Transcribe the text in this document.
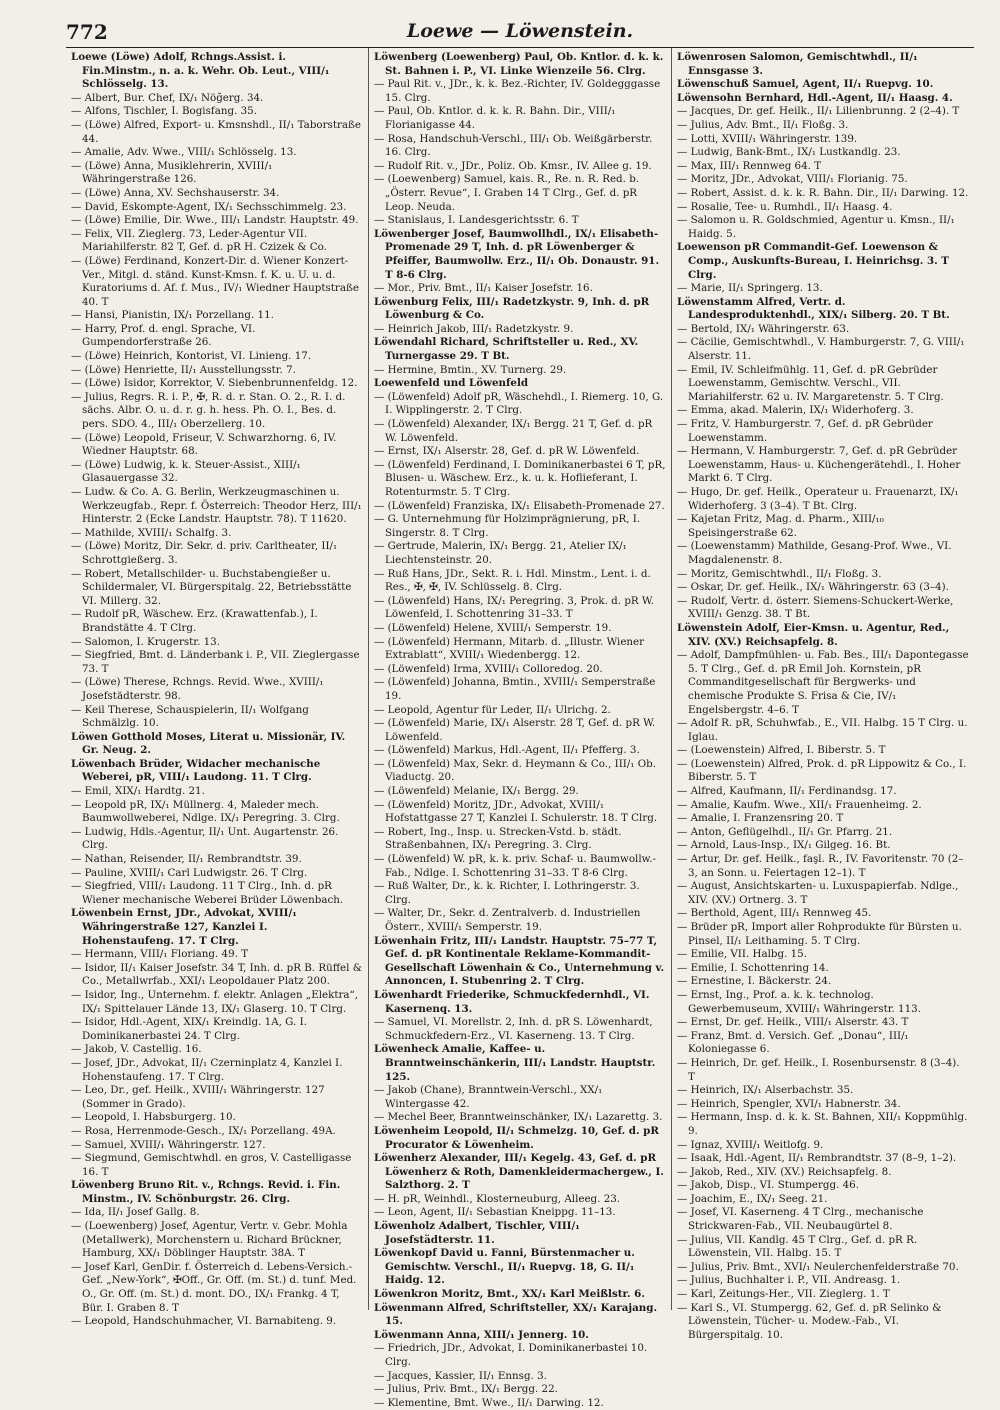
772	Loewe — Löwenstein.

Loewe (Löwe) Adolf, Rchngs.Assist. i. Fin.Minstm., n. a. k. Wehr. Ob. Leut., VIII/₁ Schlösselg. 13.

— Albert, Bur. Chef, IX/₁ Nöğerg. 34.

— Alfons, Tischler, I. Bogisfang. 35.

— (Löwe) Alfred, Export- u. Kmsnshdl., II/₁ Taborstraße 44.

— Amalie, Adv. Wwe., VIII/₁ Schlösselg. 13.

— (Löwe) Anna, Musiklehrerin, XVIII/₁ Währingerstraße 126.

— (Löwe) Anna, XV. Sechshauserstr. 34.

— David, Eskompte-Agent, IX/₁ Sechsschimmelg. 23.

— (Löwe) Emilie, Dir. Wwe., III/₁ Landstr. Hauptstr. 49.

— Felix, VII. Zieglerg. 73, Leder-Agentur VII. Mariahilferstr. 82 T, Gef. d. pR H. Czizek & Co.

— (Löwe) Ferdinand, Konzert-Dir. d. Wiener Konzert-Ver., Mitgl. d. ständ. Kunst-Kmsn. f. K. u. U. u. d. Kuratoriums d. Af. f. Mus., IV/₁ Wiedner Hauptstraße 40. T

— Hansi, Pianistin, IX/₁ Porzellang. 11.

— Harry, Prof. d. engl. Sprache, VI. Gumpendorferstraße 26.

— (Löwe) Heinrich, Kontorist, VI. Linieng. 17.

— (Löwe) Henriette, II/₁ Ausstellungsstr. 7.

— (Löwe) Isidor, Korrektor, V. Siebenbrunnenfeldg. 12.

— Julius, Regrs. R. i. P., ✠, R. d. r. Stan. O. 2., R. I. d. sächs. Albr. O. u. d. r. g. h. hess. Ph. O. I., Bes. d. pers. SDO. 4., III/₁ Oberzellerg. 10.

— (Löwe) Leopold, Friseur, V. Schwarzhorng. 6, IV. Wiedner Hauptstr. 68.

— (Löwe) Ludwig, k. k. Steuer-Assist., XIII/₁ Glasauergasse 32.

— Ludw. & Co. A. G. Berlin, Werkzeugmaschinen u. Werkzeugfab., Repr. f. Österreich: Theodor Herz, III/₁ Hinterstr. 2 (Ecke Landstr. Hauptstr. 78). T 11620.

— Mathilde, XVIII/₁ Schalfg. 3.

— (Löwe) Moritz, Dir. Sekr. d. priv. Carltheater, II/₁ Schrottgießerg. 3.

— Robert, Metallschilder- u. Buchstabengießer u. Schildermaler, VI. Bürgerspitalg. 22, Betriebsstätte VI. Millerg. 32.

— Rudolf pR, Wäschew. Erz. (Krawattenfab.), I. Brandstätte 4. T Clrg.

— Salomon, I. Krugerstr. 13.

— Siegfried, Bmt. d. Länderbank i. P., VII. Zieglergasse 73. T

— (Löwe) Therese, Rchngs. Revid. Wwe., XVIII/₁ Josefstädterstr. 98.

— Keil Therese, Schauspielerin, II/₁ Wolfgang Schmälzlg. 10.

Löwen Gotthold Moses, Literat u. Missionär, IV. Gr. Neug. 2.

Löwenbach Brüder, Widacher mechanische Weberei, pR, VIII/₁ Laudong. 11. T Clrg.

— Emil, XIX/₁ Hardtg. 21.

— Leopold pR, IX/₁ Müllnerg. 4, Maleder mech. Baumwollweberei, Ndlge. IX/₁ Peregring. 3. Clrg.

— Ludwig, Hdls.-Agentur, II/₁ Unt. Augartenstr. 26. Clrg.

— Nathan, Reisender, II/₁ Rembrandtstr. 39.

— Pauline, XVIII/₁ Carl Ludwigstr. 26. T Clrg.

— Siegfried, VIII/₁ Laudong. 11 T Clrg., Inh. d. pR Wiener mechanische Weberei Brüder Löwenbach.

Löwenbein Ernst, JDr., Advokat, XVIII/₁ Währingerstraße 127, Kanzlei I. Hohenstaufeng. 17. T Clrg.

— Hermann, VIII/₁ Floriang. 49. T

— Isidor, II/₁ Kaiser Josefstr. 34 T, Inh. d. pR B. Rüffel & Co., Metallwrfab., XXI/₁ Leopoldauer Platz 200.

— Isidor, Ing., Unternehm. f. elektr. Anlagen „Elektra“, IX/₁ Spittelauer Lände 13, IX/₁ Glaserg. 10. T Clrg.

— Isidor, Hdl.-Agent, XIX/₁ Kreindlg. 1A, G. I. Dominikanerbastei 24. T Clrg.

— Jakob, V. Castellig. 16.

— Josef, JDr., Advokat, II/₁ Czerninplatz 4, Kanzlei I. Hohenstaufeng. 17. T Clrg.

— Leo, Dr., gef. Heilk., XVIII/₁ Währingerstr. 127 (Sommer in Grado).

— Leopold, I. Habsburgerg. 10.

— Rosa, Herrenmode-Gesch., IX/₁ Porzellang. 49A.

— Samuel, XVIII/₁ Währingerstr. 127.

— Siegmund, Gemischtwhdl. en gros, V. Castelligasse 16. T

Löwenberg Bruno Rit. v., Rchngs. Revid. i. Fin. Minstm., IV. Schönburgstr. 26. Clrg.

— Ida, II/₁ Josef Gallg. 8.

— (Loewenberg) Josef, Agentur, Vertr. v. Gebr. Mohla (Metallwerk), Morchenstern u. Richard Brückner, Hamburg, XX/₁ Döblinger Hauptstr. 38A. T

— Josef Karl, GenDir. f. Österreich d. Lebens-Versich.-Gef. „New-York“, ✠Off., Gr. Off. (m. St.) d. tunf. Med. O., Gr. Off. (m. St.) d. mont. DO., IX/₁ Frankg. 4 T, Bür. I. Graben 8. T

— Leopold, Handschuhmacher, VI. Barnabiteng. 9.

Löwenberg (Loewenberg) Paul, Ob. Kntlor. d. k. k. St. Bahnen i. P., VI. Linke Wienzeile 56. Clrg.

— Paul Rit. v., JDr., k. k. Bez.-Richter, IV. Goldegggasse 15. Clrg.

— Paul, Ob. Kntlor. d. k. k. R. Bahn. Dir., VIII/₁ Florianigasse 44.

— Rosa, Handschuh-Verschl., III/₁ Ob. Weißgärberstr. 16. Clrg.

— Rudolf Rit. v., JDr., Poliz. Ob. Kmsr., IV. Allee g. 19.

— (Loewenberg) Samuel, kais. R., Re. n. R. Red. b. „Österr. Revue“, I. Graben 14 T Clrg., Gef. d. pR Leop. Neuda.

— Stanislaus, I. Landesgerichtsstr. 6. T

Löwenberger Josef, Baumwollhdl., IX/₁ Elisabeth-Promenade 29 T, Inh. d. pR Löwenberger & Pfeiffer, Baumwollw. Erz., II/₁ Ob. Donaustr. 91. T 8-6 Clrg.

— Mor., Priv. Bmt., II/₁ Kaiser Josefstr. 16.

Löwenburg Felix, III/₁ Radetzkystr. 9, Inh. d. pR Löwenburg & Co.

— Heinrich Jakob, III/₁ Radetzkystr. 9.

Löwendahl Richard, Schriftsteller u. Red., XV. Turnergasse 29. T Bt.

— Hermine, Bmtin., XV. Turnerg. 29.

Loewenfeld und Löwenfeld

— (Löwenfeld) Adolf pR, Wäschehdl., I. Riemerg. 10, G. I. Wipplingerstr. 2. T Clrg.

— (Löwenfeld) Alexander, IX/₁ Bergg. 21 T, Gef. d. pR W. Löwenfeld.

— Ernst, IX/₁ Alserstr. 28, Gef. d. pR W. Löwenfeld.

— (Löwenfeld) Ferdinand, I. Dominikanerbastei 6 T, pR, Blusen- u. Wäschew. Erz., k. u. k. Hoflieferant, I. Rotenturmstr. 5. T Clrg.

— (Löwenfeld) Franziska, IX/₁ Elisabeth-Promenade 27.

— G. Unternehmung für Holzimprägnierung, pR, I. Singerstr. 8. T Clrg.

— Gertrude, Malerin, IX/₁ Bergg. 21, Atelier IX/₁ Liechtensteinstr. 20.

— Ruß Hans, JDr., Sekt. R. i. Hdl. Minstm., Lent. i. d. Res., ✠, ✠, IV. Schlüsselg. 8. Clrg.

— (Löwenfeld) Hans, IX/₁ Peregring. 3, Prok. d. pR W. Löwenfeld, I. Schottenring 31–33. T

— (Löwenfeld) Helene, XVIII/₁ Semperstr. 19.

— (Löwenfeld) Hermann, Mitarb. d. „Illustr. Wiener Extrablatt“, XVIII/₁ Wiedenbergg. 12.

— (Löwenfeld) Irma, XVIII/₁ Colloredog. 20.

— (Löwenfeld) Johanna, Bmtin., XVIII/₁ Semperstraße 19.

— Leopold, Agentur für Leder, II/₁ Ulrichg. 2.

— (Löwenfeld) Marie, IX/₁ Alserstr. 28 T, Gef. d. pR W. Löwenfeld.

— (Löwenfeld) Markus, Hdl.-Agent, II/₁ Pfefferg. 3.

— (Löwenfeld) Max, Sekr. d. Heymann & Co., III/₁ Ob. Viaductg. 20.

— (Löwenfeld) Melanie, IX/₁ Bergg. 29.

— (Löwenfeld) Moritz, JDr., Advokat, XVIII/₁ Hofstattgasse 27 T, Kanzlei I. Schulerstr. 18. T Clrg.

— Robert, Ing., Insp. u. Strecken-Vstd. b. städt. Straßenbahnen, IX/₁ Peregring. 3. Clrg.

— (Löwenfeld) W. pR, k. k. priv. Schaf- u. Baumwollw.-Fab., Ndlge. I. Schottenring 31–33. T 8-6 Clrg.

— Ruß Walter, Dr., k. k. Richter, I. Lothringerstr. 3. Clrg.

— Walter, Dr., Sekr. d. Zentralverb. d. Industriellen Österr., XVIII/₁ Semperstr. 19.

Löwenhain Fritz, III/₁ Landstr. Hauptstr. 75–77 T, Gef. d. pR Kontinentale Reklame-Kommandit-Gesellschaft Löwenhain & Co., Unternehmung v. Annoncen, I. Stubenring 2. T Clrg.

Löwenhardt Friederike, Schmuckfedernhdl., VI. Kasernenq. 13.

— Samuel, VI. Morellstr. 2, Inh. d. pR S. Löwenhardt, Schmuckfedern-Erz., VI. Kaserneng. 13. T Clrg.

Löwenheck Amalie, Kaffee- u. Branntweinschänkerin, III/₁ Landstr. Hauptstr. 125.

— Jakob (Chane), Branntwein-Verschl., XX/₁ Wintergasse 42.

— Mechel Beer, Branntweinschänker, IX/₁ Lazarettg. 3.

Löwenheim Leopold, II/₁ Schmelzg. 10, Gef. d. pR Procurator & Löwenheim.

Löwenherz Alexander, III/₁ Kegelg. 43, Gef. d. pR Löwenherz & Roth, Damenkleidermachergew., I. Salzthorg. 2. T

— H. pR, Weinhdl., Klosterneuburg, Alleeg. 23.

— Leon, Agent, II/₁ Sebastian Kneippg. 11–13.

Löwenholz Adalbert, Tischler, VIII/₁ Josefstädterstr. 11.

Löwenkopf David u. Fanni, Bürstenmacher u. Gemischtw. Verschl., II/₁ Ruepvg. 18, G. II/₁ Haidg. 12.

Löwenkron Moritz, Bmt., XX/₁ Karl Meißlstr. 6.

Löwenmann Alfred, Schriftsteller, XX/₁ Karajang. 15.

Löwenmann Anna, XIII/₁ Jennerg. 10.

— Friedrich, JDr., Advokat, I. Dominikanerbastei 10. Clrg.

— Jacques, Kassier, II/₁ Ennsg. 3.

— Julius, Priv. Bmt., IX/₁ Bergg. 22.

— Klementine, Bmt. Wwe., II/₁ Darwing. 12.

Löwenrosen Salomon, Gemischtwhdl., II/₁ Ennsgasse 3.

Löwenschuß Samuel, Agent, II/₁ Ruepvg. 10.

Löwensohn Bernhard, Hdl.-Agent, II/₁ Haasg. 4.

— Jacques, Dr. gef. Heilk., II/₁ Lilienbrunng. 2 (2–4). T

— Julius, Adv. Bmt., II/₁ Floßg. 3.

— Lotti, XVIII/₁ Währingerstr. 139.

— Ludwig, Bank-Bmt., IX/₁ Lustkandlg. 23.

— Max, III/₁ Rennweg 64. T

— Moritz, JDr., Advokat, VIII/₁ Florianig. 75.

— Robert, Assist. d. k. k. R. Bahn. Dir., II/₁ Darwing. 12.

— Rosalie, Tee- u. Rumhdl., II/₁ Haasg. 4.

— Salomon u. R. Goldschmied, Agentur u. Kmsn., II/₁ Haidg. 5.

Loewenson pR Commandit-Gef. Loewenson & Comp., Auskunfts-Bureau, I. Heinrichsg. 3. T Clrg.

— Marie, II/₁ Springerg. 13.

Löwenstamm Alfred, Vertr. d. Landesproduktenhdl., XIX/₁ Silberg. 20. T Bt.

— Bertold, IX/₁ Währingerstr. 63.

— Cäcilie, Gemischtwhdl., V. Hamburgerstr. 7, G. VIII/₁ Alserstr. 11.

— Emil, IV. Schleifmühlg. 11, Gef. d. pR Gebrüder Loewenstamm, Gemischtw. Verschl., VII. Mariahilferstr. 62 u. IV. Margaretenstr. 5. T Clrg.

— Emma, akad. Malerin, IX/₁ Widerhoferg. 3.

— Fritz, V. Hamburgerstr. 7, Gef. d. pR Gebrüder Loewenstamm.

— Hermann, V. Hamburgerstr. 7, Gef. d. pR Gebrüder Loewenstamm, Haus- u. Küchengerätehdl., I. Hoher Markt 6. T Clrg.

— Hugo, Dr. gef. Heilk., Operateur u. Frauenarzt, IX/₁ Widerhoferg. 3 (3–4). T Bt. Clrg.

— Kajetan Fritz, Mag. d. Pharm., XIII/₁₀ Speisingerstraße 62.

— (Loewenstamm) Mathilde, Gesang-Prof. Wwe., VI. Magdalenenstr. 8.

— Moritz, Gemischtwhdl., II/₁ Floßg. 3.

— Oskar, Dr. gef. Heilk., IX/₁ Währingerstr. 63 (3–4).

— Rudolf, Vertr. d. österr. Siemens-Schuckert-Werke, XVIII/₁ Genzg. 38. T Bt.

Löwenstein Adolf, Eier-Kmsn. u. Agentur, Red., XIV. (XV.) Reichsapfelg. 8.

— Adolf, Dampfmühlen- u. Fab. Bes., III/₁ Dapontegasse 5. T Clrg., Gef. d. pR Emil Joh. Kornstein, pR Commanditgesellschaft für Bergwerks- und chemische Produkte S. Frisa & Cie, IV/₁ Engelsbergstr. 4–6. T

— Adolf R. pR, Schuhwfab., E., VII. Halbg. 15 T Clrg. u. Iglau.

— (Loewenstein) Alfred, I. Biberstr. 5. T

— (Loewenstein) Alfred, Prok. d. pR Lippowitz & Co., I. Biberstr. 5. T

— Alfred, Kaufmann, II/₁ Ferdinandsg. 17.

— Amalie, Kaufm. Wwe., XII/₁ Frauenheimg. 2.

— Amalie, I. Franzensring 20. T

— Anton, Geflügelhdl., II/₁ Gr. Pfarrg. 21.

— Arnold, Laus-Insp., IX/₁ Gilgeg. 16. Bt.

— Artur, Dr. gef. Heilk., faşl. R., IV. Favoritenstr. 70 (2–3, an Sonn. u. Feiertagen 12–1). T

— August, Ansichtskarten- u. Luxuspapierfab. Ndlge., XIV. (XV.) Ortnerg. 3. T

— Berthold, Agent, III/₁ Rennweg 45.

— Brüder pR, Import aller Rohprodukte für Bürsten u. Pinsel, II/₁ Leithaming. 5. T Clrg.

— Emilie, VII. Halbg. 15.

— Emilie, I. Schottenring 14.

— Ernestine, I. Bäckerstr. 24.

— Ernst, Ing., Prof. a. k. k. technolog. Gewerbemuseum, XVIII/₁ Währingerstr. 113.

— Ernst, Dr. gef. Heilk., VIII/₁ Alserstr. 43. T

— Franz, Bmt. d. Versich. Gef. „Donau“, III/₁ Koloniegasse 6.

— Heinrich, Dr. gef. Heilk., I. Rosenbursenstr. 8 (3–4). T

— Heinrich, IX/₁ Alserbachstr. 35.

— Heinrich, Spengler, XVI/₁ Habnerstr. 34.

— Hermann, Insp. d. k. k. St. Bahnen, XII/₁ Koppmühlg. 9.

— Ignaz, XVIII/₁ Weitlofg. 9.

— Isaak, Hdl.-Agent, II/₁ Rembrandtstr. 37 (8–9, 1–2).

— Jakob, Red., XIV. (XV.) Reichsapfelg. 8.

— Jakob, Disp., VI. Stumpergg. 46.

— Joachim, E., IX/₁ Seeg. 21.

— Josef, VI. Kaserneng. 4 T Clrg., mechanische Strickwaren-Fab., VII. Neubaugürtel 8.

— Julius, VII. Kandlg. 45 T Clrg., Gef. d. pR R. Löwenstein, VII. Halbg. 15. T

— Julius, Priv. Bmt., XVI/₁ Neulerchenfelderstraße 70.

— Julius, Buchhalter i. P., VII. Andreasg. 1.

— Karl, Zeitungs-Her., VII. Zieglerg. 1. T

— Karl S., VI. Stumpergg. 62, Gef. d. pR Selinko & Löwenstein, Tücher- u. Modew.-Fab., VI. Bürgerspitalg. 10.
